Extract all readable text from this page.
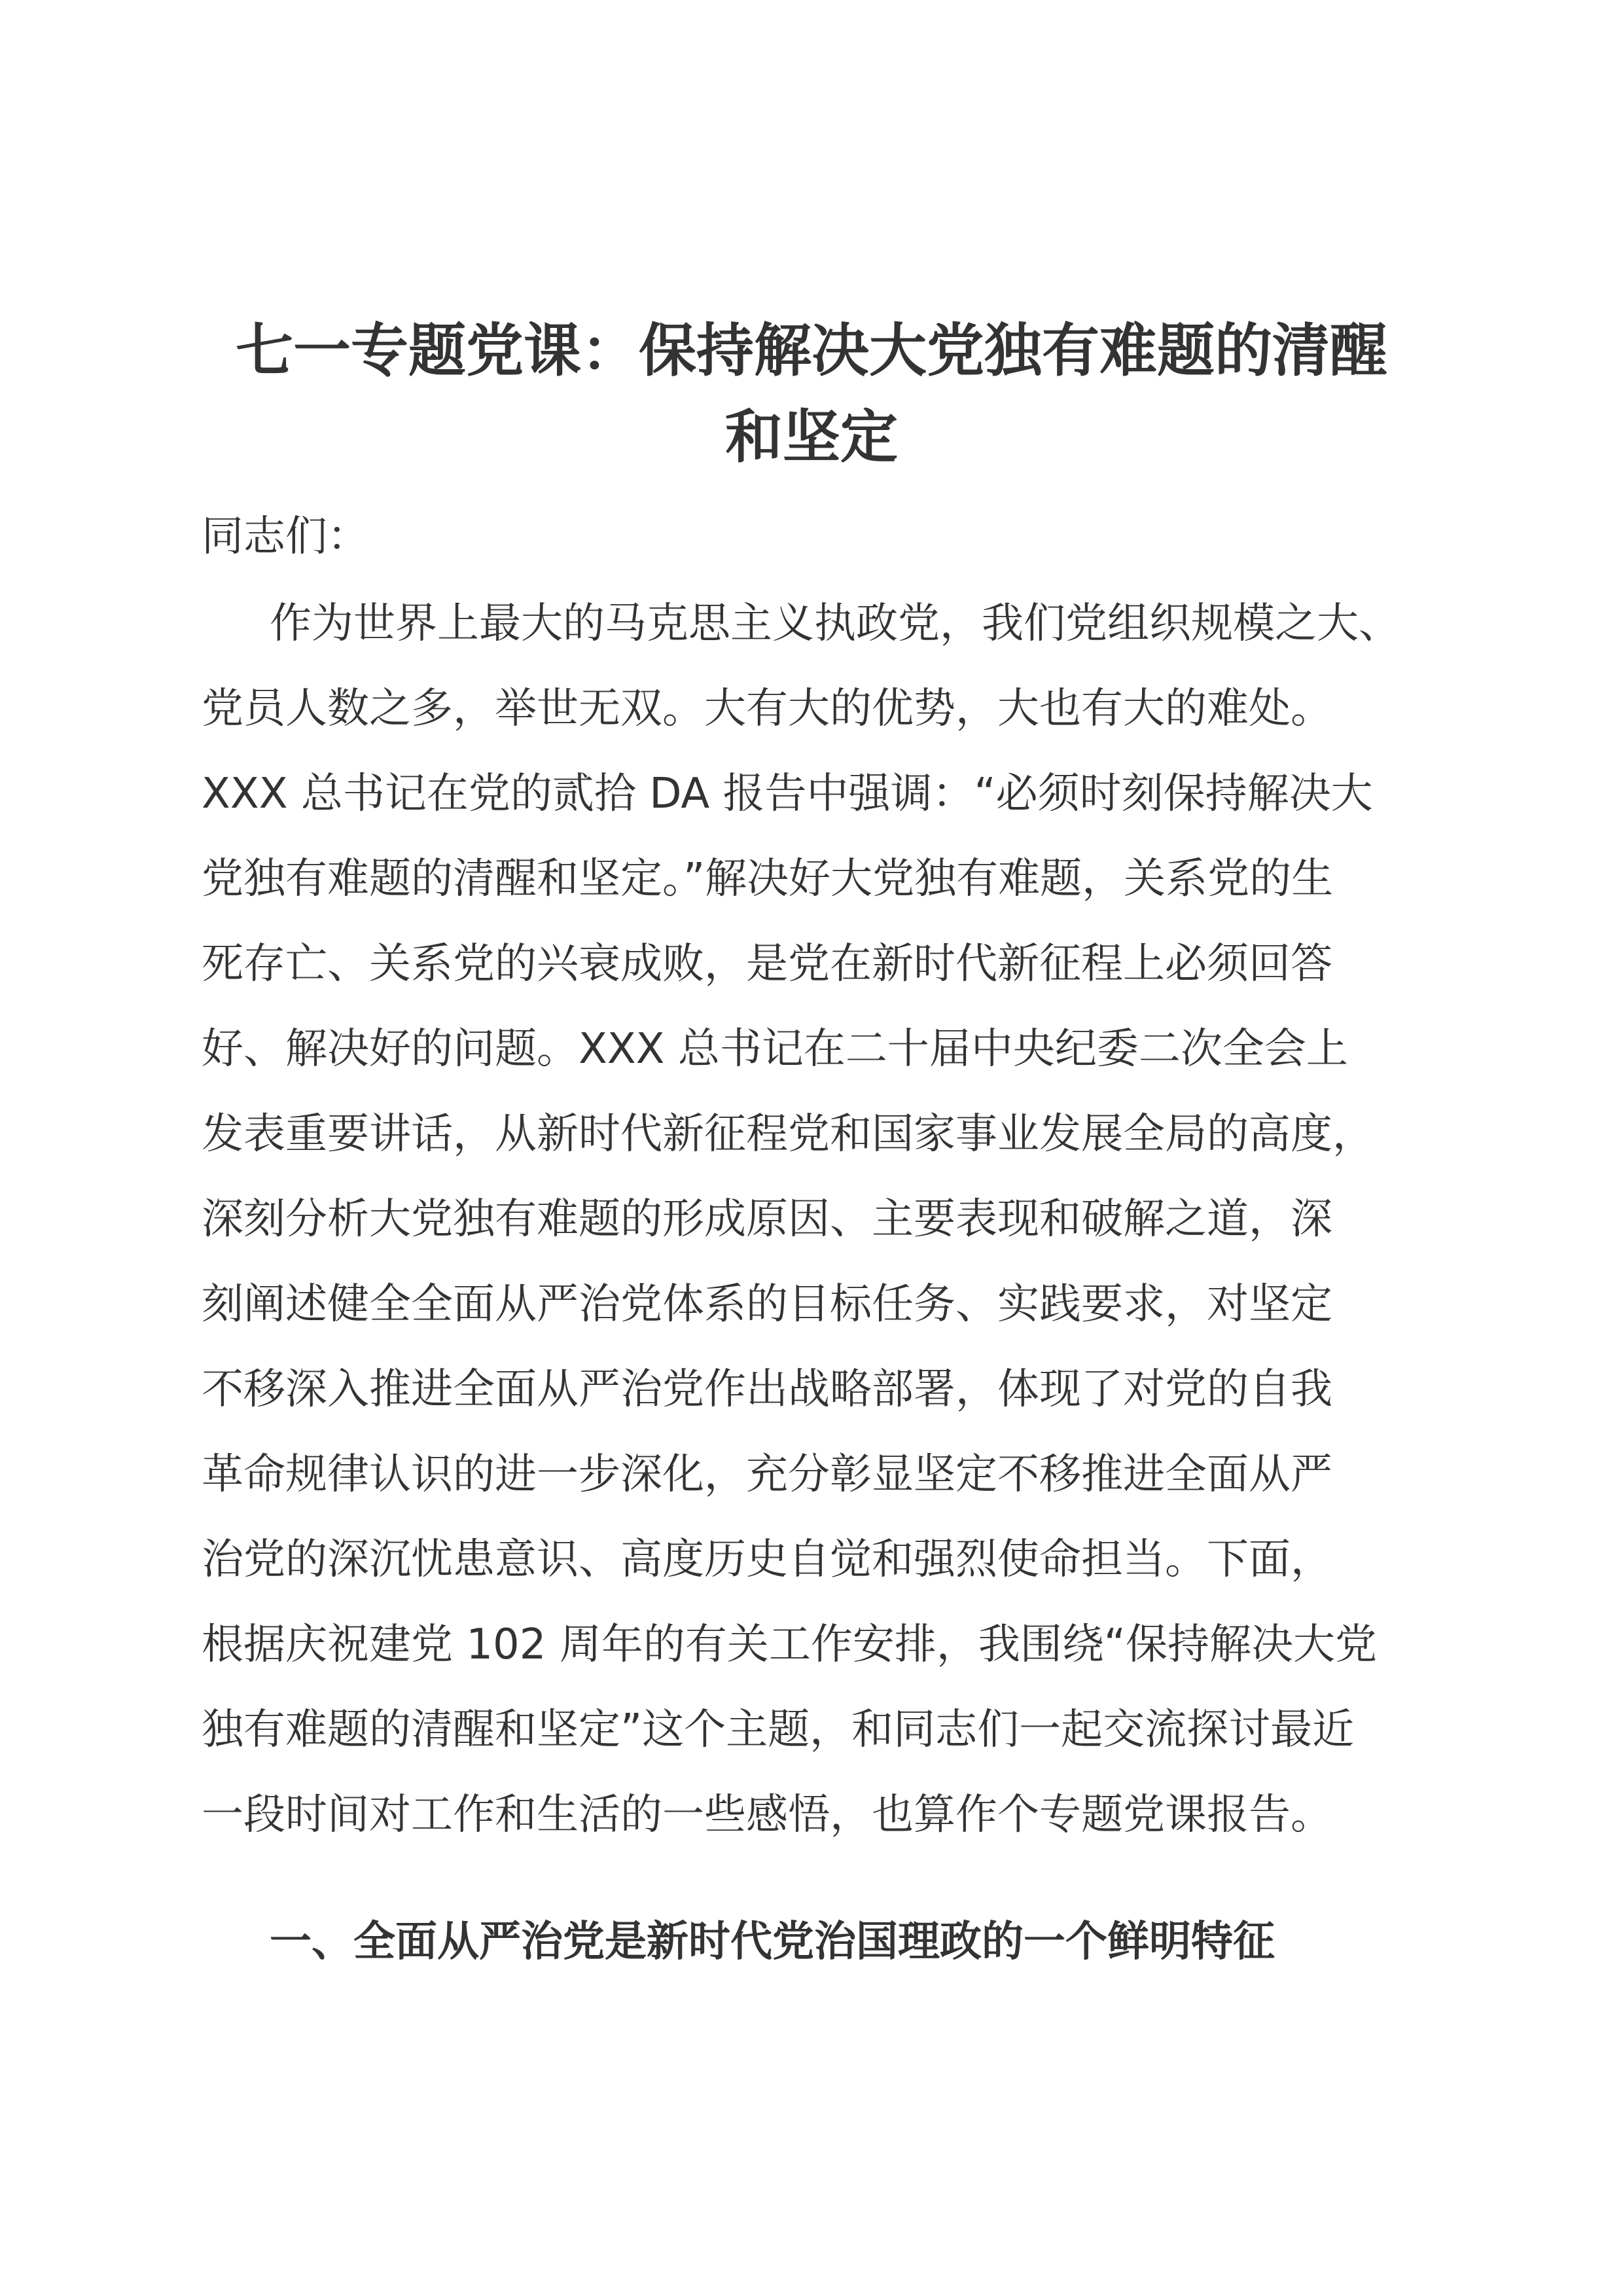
七一专题党课：保持解决大党独有难题的清醒
和坚定

同志们：

作为世界上最大的马克思主义执政党，我们党组织规模之大、
党员人数之多，举世无双。大有大的优势，大也有大的难处。
XXX 总书记在党的贰拾 DA 报告中强调：“必须时刻保持解决大
党独有难题的清醒和坚定。”解决好大党独有难题，关系党的生
死存亡、关系党的兴衰成败，是党在新时代新征程上必须回答
好、解决好的问题。XXX 总书记在二十届中央纪委二次全会上
发表重要讲话，从新时代新征程党和国家事业发展全局的高度，
深刻分析大党独有难题的形成原因、主要表现和破解之道，深
刻阐述健全全面从严治党体系的目标任务、实践要求，对坚定
不移深入推进全面从严治党作出战略部署，体现了对党的自我
革命规律认识的进一步深化，充分彰显坚定不移推进全面从严
治党的深沉忧患意识、高度历史自觉和强烈使命担当。下面，
根据庆祝建党 102 周年的有关工作安排，我围绕“保持解决大党
独有难题的清醒和坚定”这个主题，和同志们一起交流探讨最近
一段时间对工作和生活的一些感悟，也算作个专题党课报告。
一、全面从严治党是新时代党治国理政的一个鲜明特征
